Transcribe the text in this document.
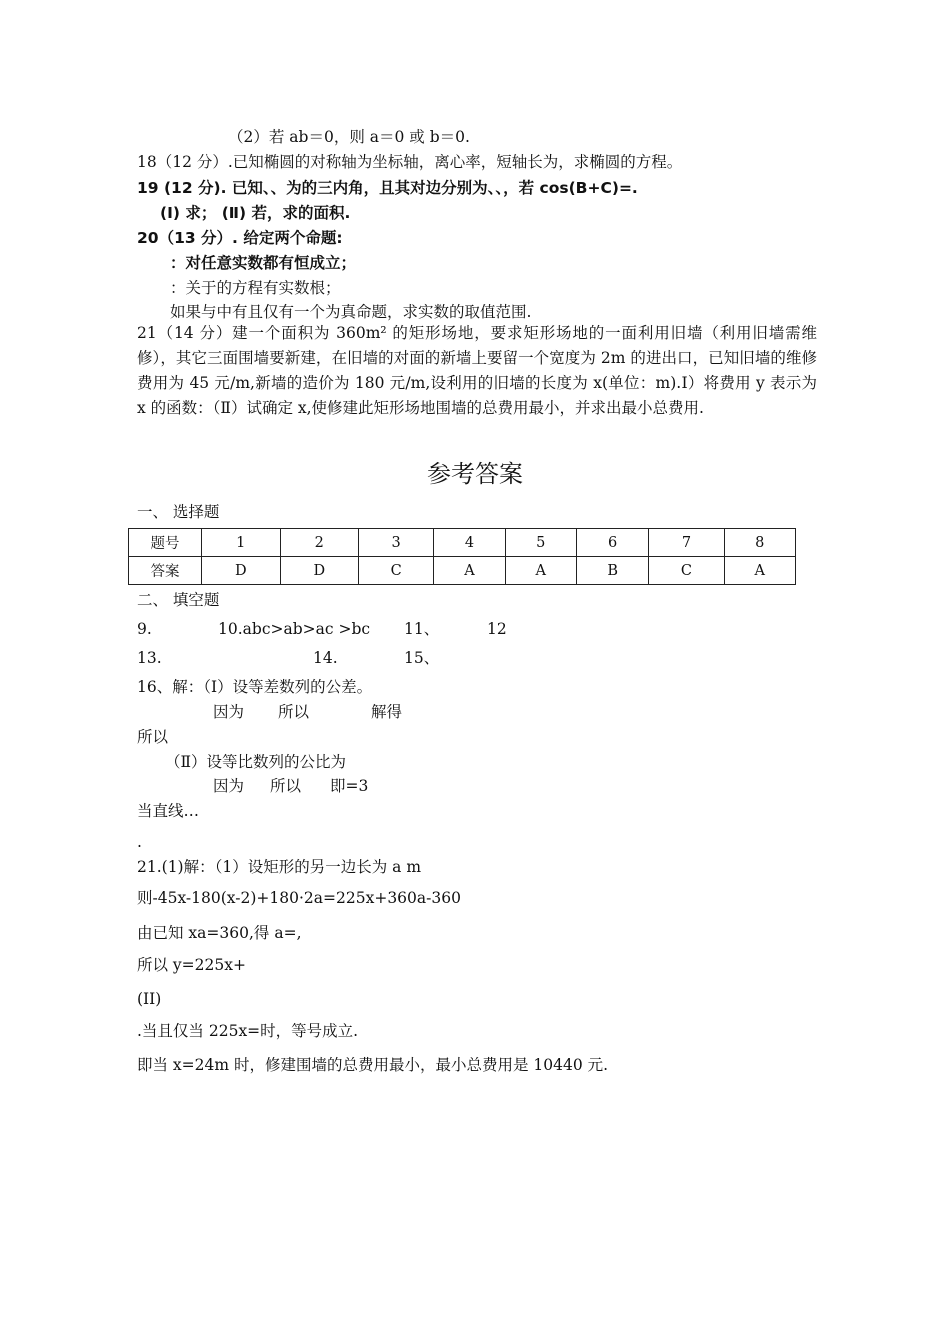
（2）若 ab＝0，则 a＝0 或 b＝0.
18（12 分）.已知椭圆的对称轴为坐标轴，离心率，短轴长为，求椭圆的方程。
19 (12 分). 已知、、为的三内角，且其对边分别为、、，若 cos(B+C)=.
(Ⅰ) 求； (Ⅱ) 若，求的面积.
20（13 分）. 给定两个命题:
：对任意实数都有恒成立；
：关于的方程有实数根；
如果与中有且仅有一个为真命题，求实数的取值范围.
21（14 分）建一个面积为 360m² 的矩形场地，要求矩形场地的一面利用旧墙（利用旧墙需维修），其它三面围墙要新建，在旧墙的对面的新墙上要留一个宽度为 2m 的进出口，已知旧墙的维修费用为 45 元/m,新墙的造价为 180 元/m,设利用的旧墙的长度为 x(单位：m).Ⅰ）将费用 y 表示为 x 的函数：（Ⅱ）试确定 x,使修建此矩形场地围墙的总费用最小，并求出最小总费用.
参考答案
一、 选择题
题号	1	2	3	4	5	6	7	8
答案	D	D	C	A	A	B	C	A
二、 填空题
9.	10.abc>ab>ac >bc 11、	12
13.	14.	15、
16、解：（Ⅰ）设等差数列的公差。
因为 所以	解得
所以
（Ⅱ）设等比数列的公比为
因为 所以 即=3
当直线…
.
21.(1)解：（1）设矩形的另一边长为 a m
则-45x-180(x-2)+180·2a=225x+360a-360
由已知 xa=360,得 a=,
所以 y=225x+
(II)
.当且仅当 225x=时，等号成立.
即当 x=24m 时，修建围墙的总费用最小，最小总费用是 10440 元.
